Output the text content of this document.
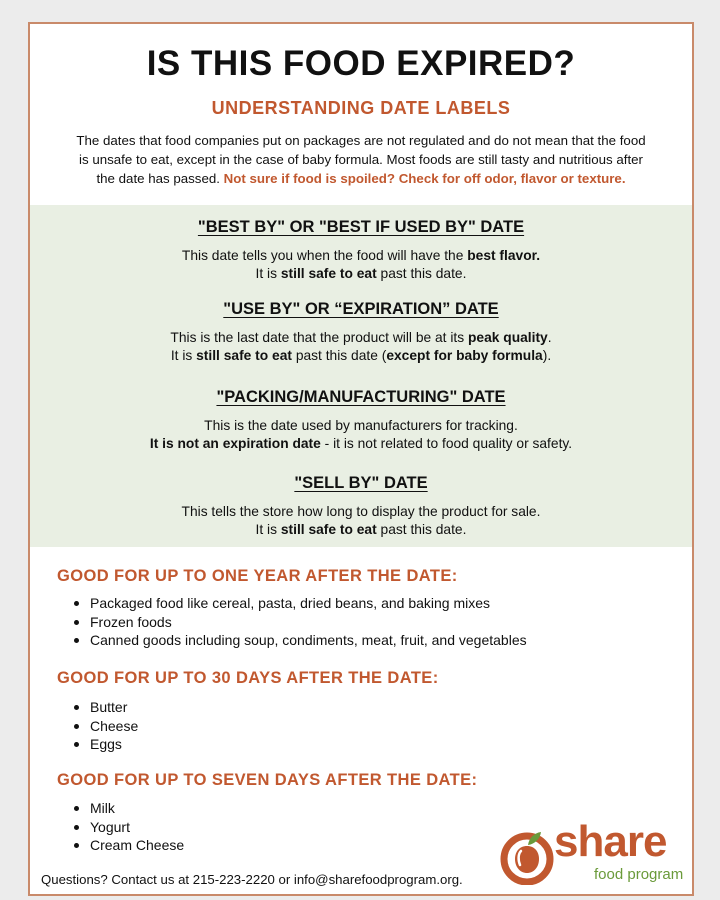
IS THIS FOOD EXPIRED?
UNDERSTANDING DATE LABELS
The dates that food companies put on packages are not regulated and do not mean that the food
is unsafe to eat, except in the case of baby formula. Most foods are still tasty and nutritious after
the date has passed. Not sure if food is spoiled? Check for off odor, flavor or texture.
"BEST BY" OR "BEST IF USED BY" DATE
This date tells you when the food will have the best flavor.
It is still safe to eat past this date.
"USE BY" OR “EXPIRATION” DATE
This is the last date that the product will be at its peak quality.
It is still safe to eat past this date (except for baby formula).
"PACKING/MANUFACTURING" DATE
This is the date used by manufacturers for tracking.
It is not an expiration date - it is not related to food quality or safety.
"SELL BY" DATE
This tells the store how long to display the product for sale.
It is still safe to eat past this date.
GOOD FOR UP TO ONE YEAR AFTER THE DATE:
Packaged food like cereal, pasta, dried beans, and baking mixes
Frozen foods
Canned goods including soup, condiments, meat, fruit, and vegetables
GOOD FOR UP TO 30 DAYS AFTER THE DATE:
Butter
Cheese
Eggs
GOOD FOR UP TO SEVEN DAYS AFTER THE DATE:
Milk
Yogurt
Cream Cheese
Questions? Contact us at 215-223-2220 or info@sharefoodprogram.org.
share
food program
